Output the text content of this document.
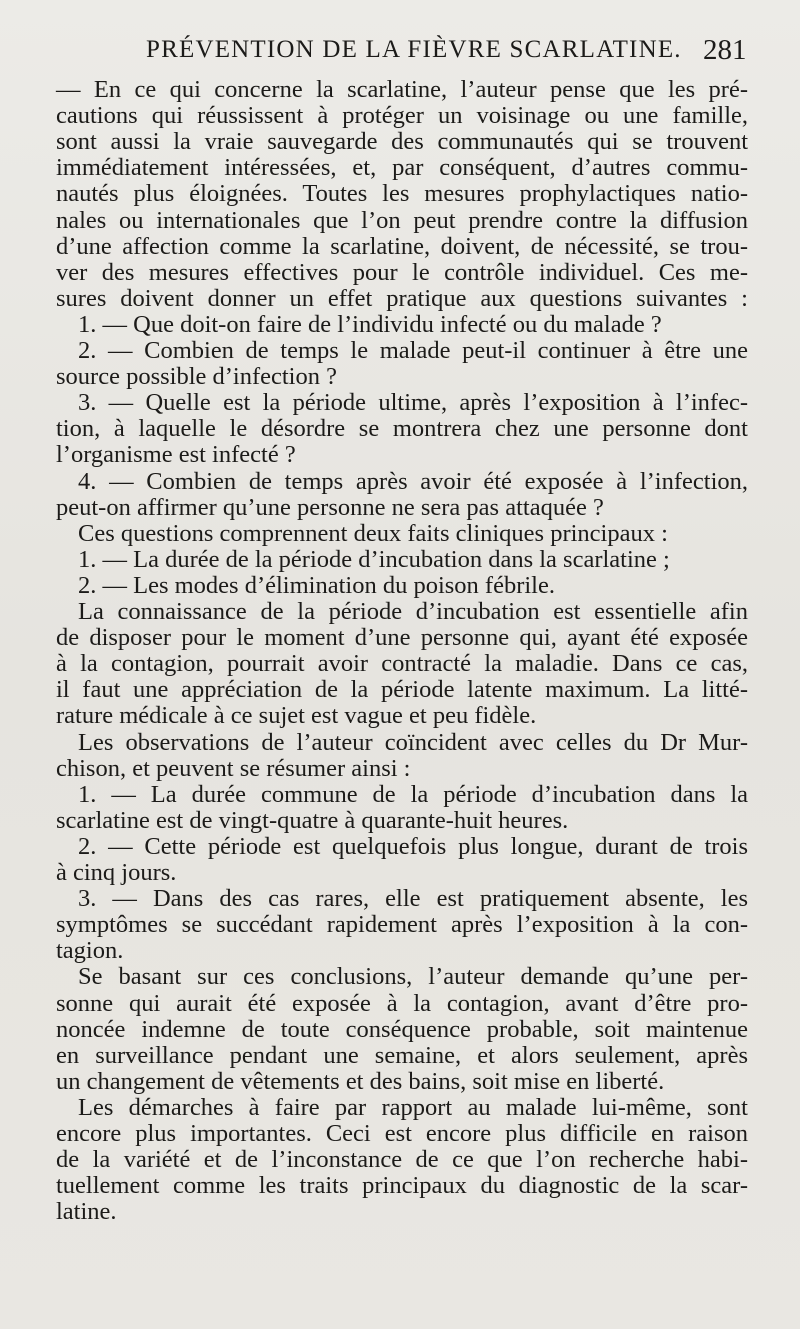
PRÉVENTION DE LA FIÈVRE SCARLATINE. 281
— En ce qui concerne la scarlatine, l’auteur pense que les pré-
cautions qui réussissent à protéger un voisinage ou une famille,
sont aussi la vraie sauvegarde des communautés qui se trouvent
immédiatement intéressées, et, par conséquent, d’autres commu-
nautés plus éloignées. Toutes les mesures prophylactiques natio-
nales ou internationales que l’on peut prendre contre la diffusion
d’une affection comme la scarlatine, doivent, de nécessité, se trou-
ver des mesures effectives pour le contrôle individuel. Ces me-
sures doivent donner un effet pratique aux questions suivantes :
1. — Que doit-on faire de l’individu infecté ou du malade ?
2. — Combien de temps le malade peut-il continuer à être une
source possible d’infection ?
3. — Quelle est la période ultime, après l’exposition à l’infec-
tion, à laquelle le désordre se montrera chez une personne dont
l’organisme est infecté ?
4. — Combien de temps après avoir été exposée à l’infection,
peut-on affirmer qu’une personne ne sera pas attaquée ?
Ces questions comprennent deux faits cliniques principaux :
1. — La durée de la période d’incubation dans la scarlatine ;
2. — Les modes d’élimination du poison fébrile.
La connaissance de la période d’incubation est essentielle afin
de disposer pour le moment d’une personne qui, ayant été exposée
à la contagion, pourrait avoir contracté la maladie. Dans ce cas,
il faut une appréciation de la période latente maximum. La litté-
rature médicale à ce sujet est vague et peu fidèle.
Les observations de l’auteur coïncident avec celles du Dr Mur-
chison, et peuvent se résumer ainsi :
1. — La durée commune de la période d’incubation dans la
scarlatine est de vingt-quatre à quarante-huit heures.
2. — Cette période est quelquefois plus longue, durant de trois
à cinq jours.
3. — Dans des cas rares, elle est pratiquement absente, les
symptômes se succédant rapidement après l’exposition à la con-
tagion.
Se basant sur ces conclusions, l’auteur demande qu’une per-
sonne qui aurait été exposée à la contagion, avant d’être pro-
noncée indemne de toute conséquence probable, soit maintenue
en surveillance pendant une semaine, et alors seulement, après
un changement de vêtements et des bains, soit mise en liberté.
Les démarches à faire par rapport au malade lui-même, sont
encore plus importantes. Ceci est encore plus difficile en raison
de la variété et de l’inconstance de ce que l’on recherche habi-
tuellement comme les traits principaux du diagnostic de la scar-
latine.
